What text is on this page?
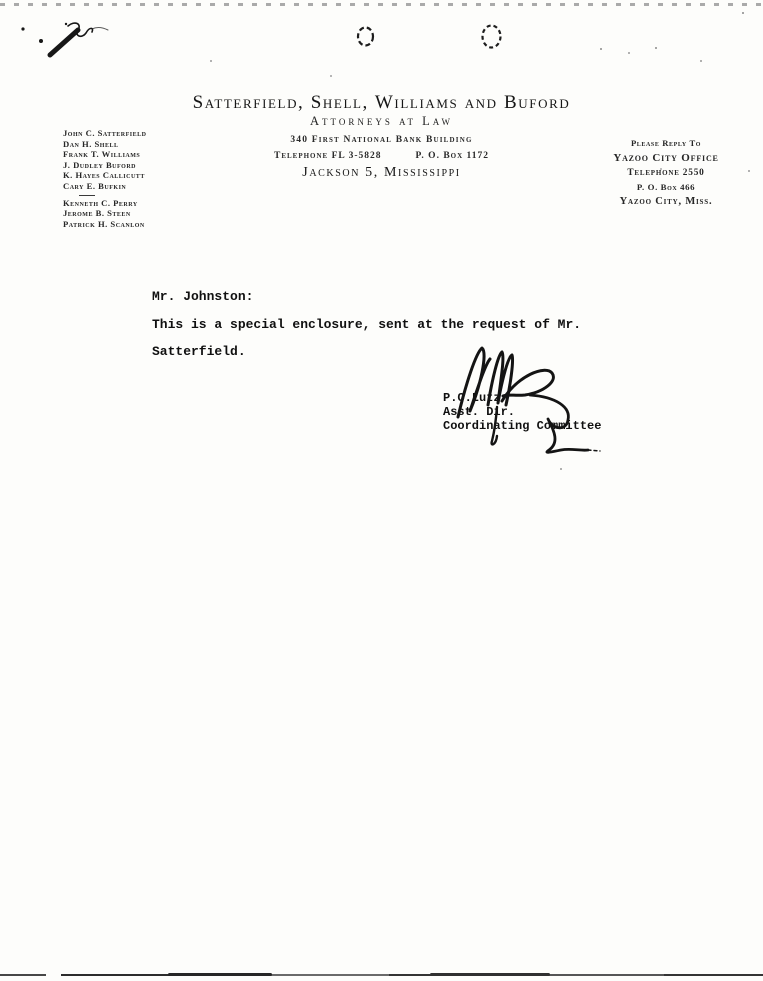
Satterfield, Shell, Williams and Buford
Attorneys at Law
340 First National Bank Building
Telephone FL 3-5828	P. O. Box 1172
Jackson 5, Mississippi
John C. Satterfield
Dan H. Shell
Frank T. Williams
J. Dudley Buford
K. Hayes Callicutt
Cary E. Bufkin
Kenneth C. Perry
Jerome B. Steen
Patrick H. Scanlon
Please Reply To
Yazoo City Office
Telephone 2550
P. O. Box 466
Yazoo City, Miss.
Mr. Johnston:
This is a special enclosure, sent at the request of Mr.
Satterfield.
P.C.Lutz
Asst. Dir.
Coordinating Committee
